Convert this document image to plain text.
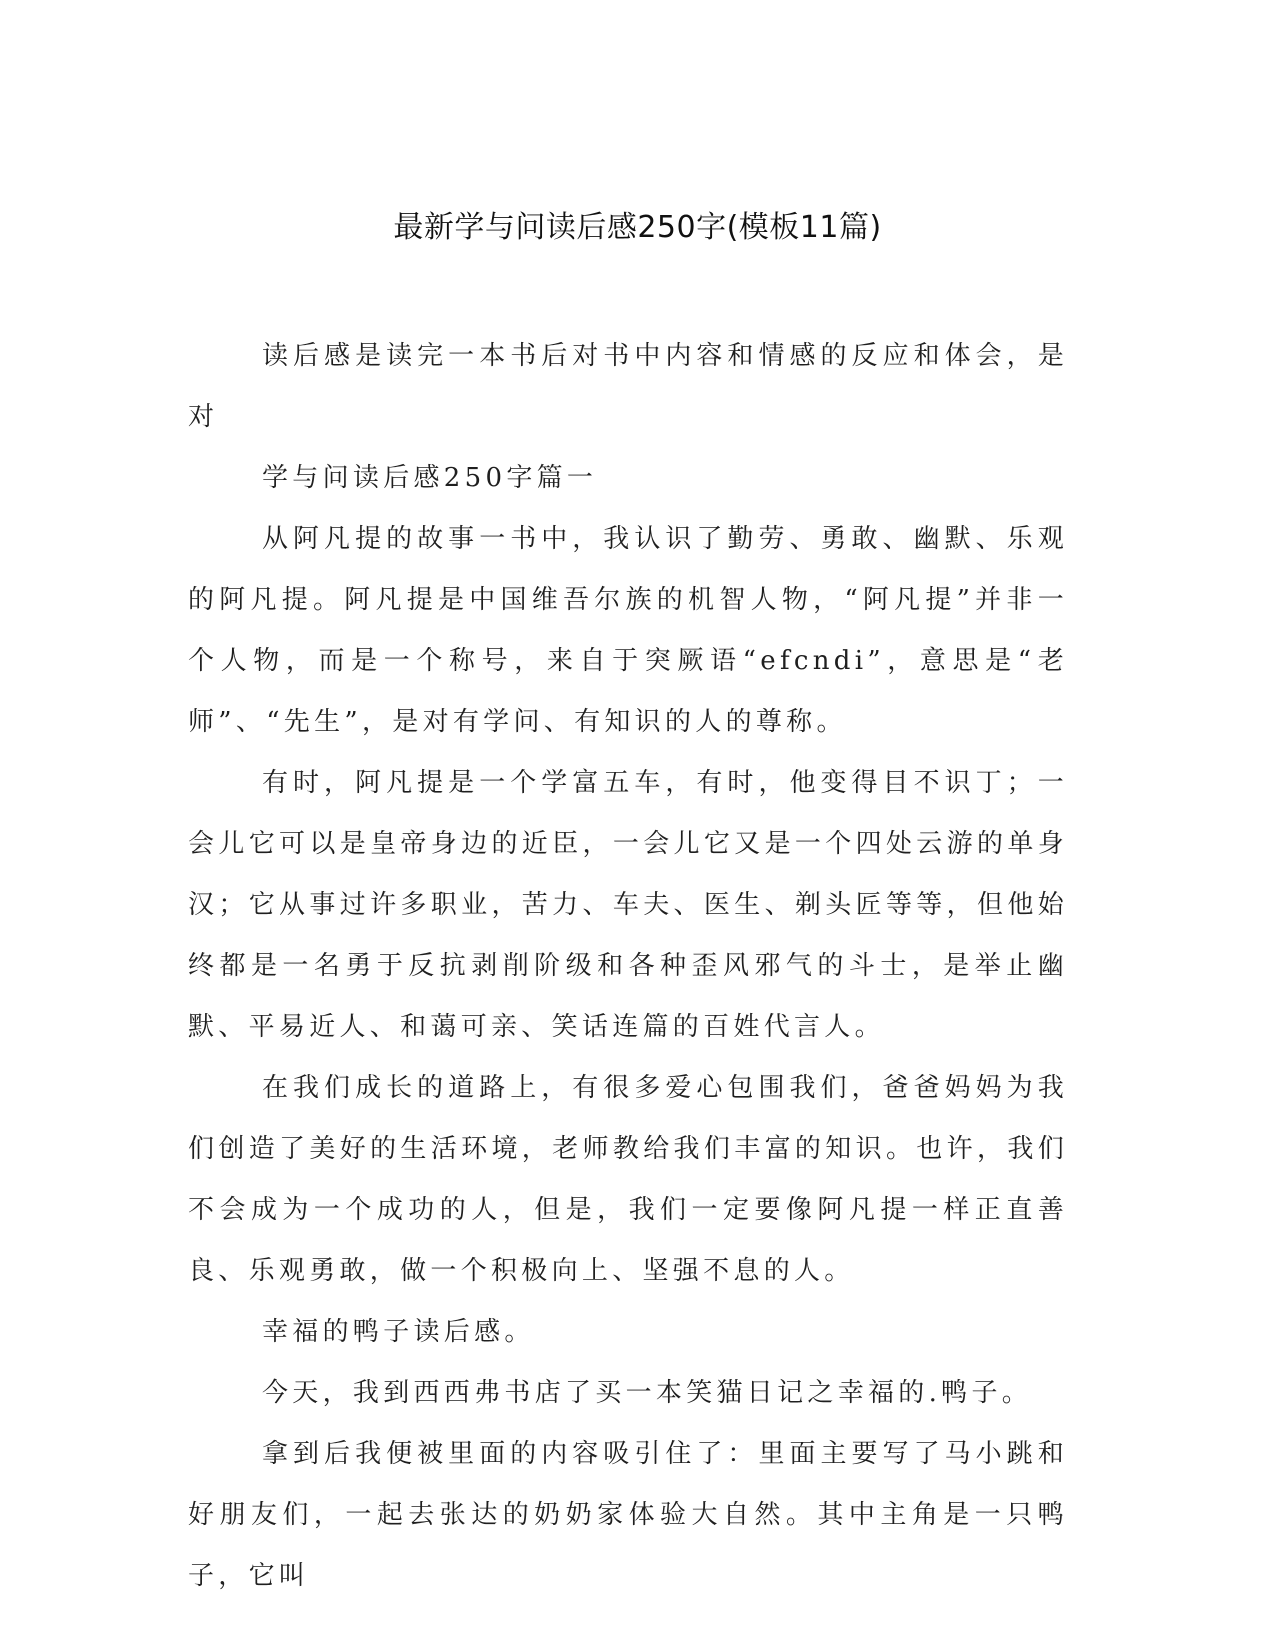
最新学与问读后感250字(模板11篇)

读后感是读完一本书后对书中内容和情感的反应和体会，是对

学与问读后感250字篇一

从阿凡提的故事一书中，我认识了勤劳、勇敢、幽默、乐观的阿凡提。阿凡提是中国维吾尔族的机智人物，“阿凡提”并非一个人物，而是一个称号，来自于突厥语“efcndi”，意思是“老师”、“先生”，是对有学问、有知识的人的尊称。

有时，阿凡提是一个学富五车，有时，他变得目不识丁；一会儿它可以是皇帝身边的近臣，一会儿它又是一个四处云游的单身汉；它从事过许多职业，苦力、车夫、医生、剃头匠等等，但他始终都是一名勇于反抗剥削阶级和各种歪风邪气的斗士，是举止幽默、平易近人、和蔼可亲、笑话连篇的百姓代言人。

在我们成长的道路上，有很多爱心包围我们，爸爸妈妈为我们创造了美好的生活环境，老师教给我们丰富的知识。也许，我们不会成为一个成功的人，但是，我们一定要像阿凡提一样正直善良、乐观勇敢，做一个积极向上、坚强不息的人。

幸福的鸭子读后感。

今天，我到西西弗书店了买一本笑猫日记之幸福的.鸭子。

拿到后我便被里面的内容吸引住了：里面主要写了马小跳和好朋友们，一起去张达的奶奶家体验大自然。其中主角是一只鸭子，它叫
